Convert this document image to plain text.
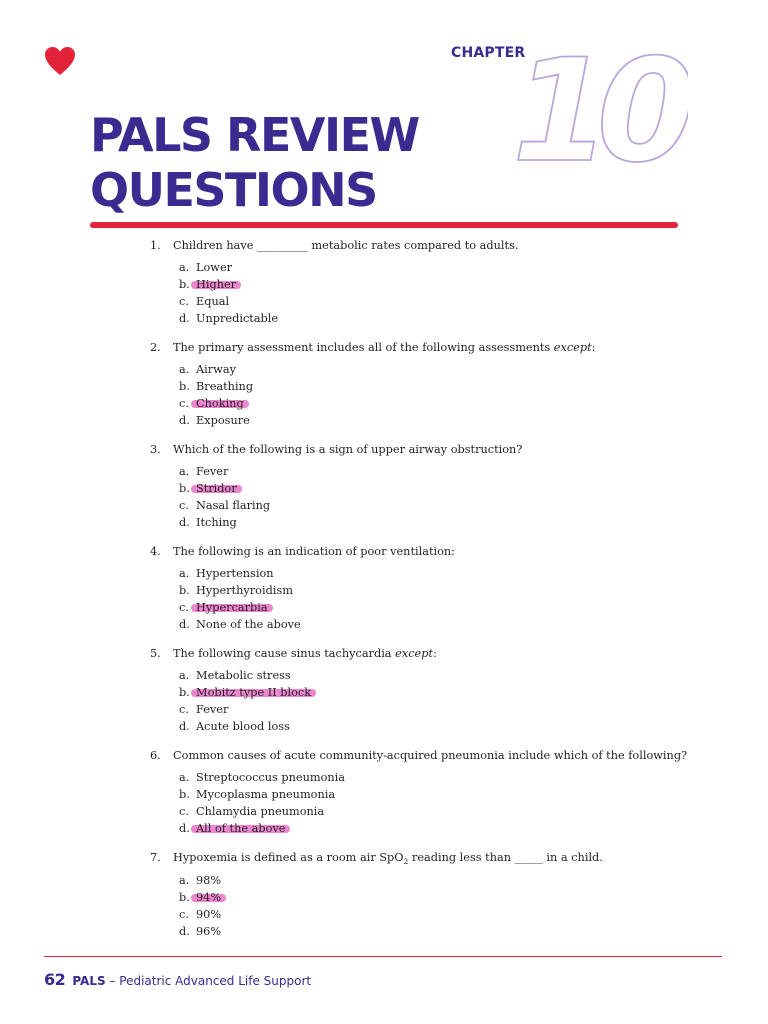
CHAPTER
10
PALS REVIEW
QUESTIONS
1. Children have _________ metabolic rates compared to adults.
a. Lower
b. Higher
c. Equal
d. Unpredictable
2. The primary assessment includes all of the following assessments except:
a. Airway
b. Breathing
c. Choking
d. Exposure
3. Which of the following is a sign of upper airway obstruction?
a. Fever
b. Stridor
c. Nasal flaring
d. Itching
4. The following is an indication of poor ventilation:
a. Hypertension
b. Hyperthyroidism
c. Hypercarbia
d. None of the above
5. The following cause sinus tachycardia except:
a. Metabolic stress
b. Mobitz type II block
c. Fever
d. Acute blood loss
6. Common causes of acute community-acquired pneumonia include which of the following?
a. Streptococcus pneumonia
b. Mycoplasma pneumonia
c. Chlamydia pneumonia
d. All of the above
7. Hypoxemia is defined as a room air SpO$_2$ reading less than _____ in a child.
a. 98%
b. 94%
c. 90%
d. 96%
62 PALS – Pediatric Advanced Life Support
